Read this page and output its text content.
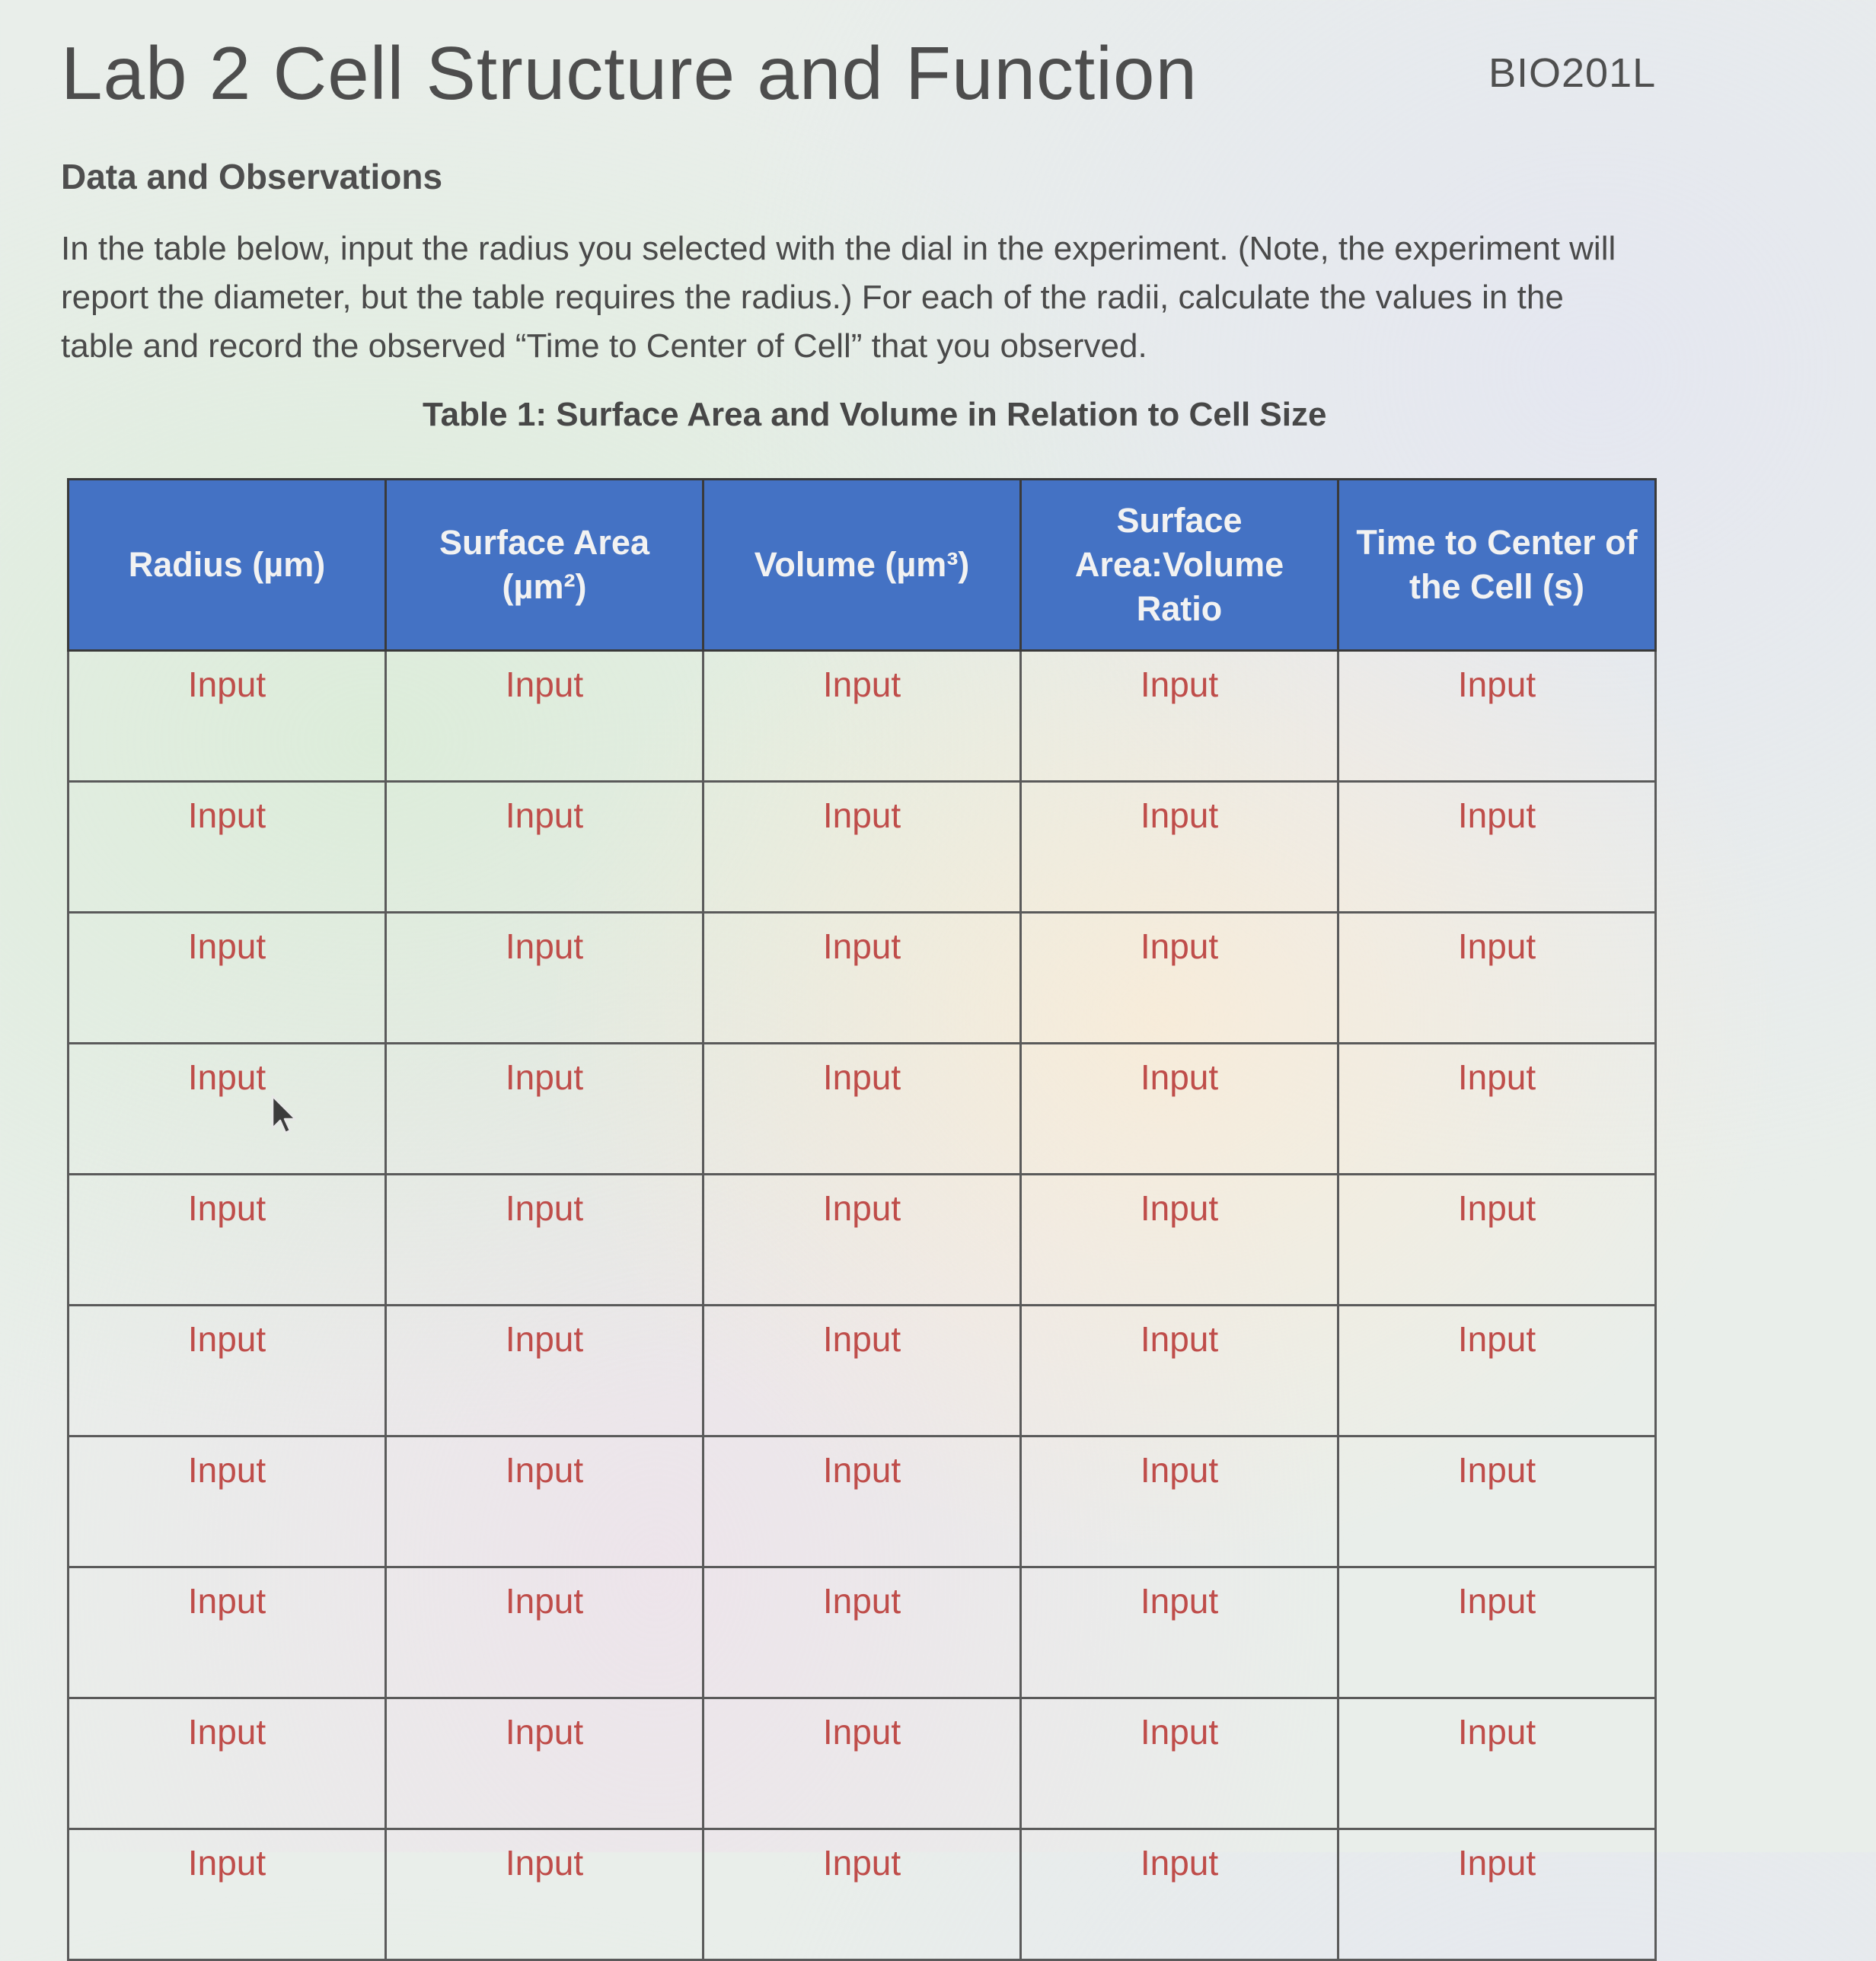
Lab 2 Cell Structure and Function	BIO201L
Data and Observations

In the table below, input the radius you selected with the dial in the experiment. (Note, the experiment will report the diameter, but the table requires the radius.) For each of the radii, calculate the values in the table and record the observed “Time to Center of Cell” that you observed.

Table 1: Surface Area and Volume in Relation to Cell Size
Radius (µm)	Surface Area (µm²)	Volume (µm³)	Surface Area:Volume Ratio	Time to Center of the Cell (s)
Input	Input	Input	Input	Input
Input	Input	Input	Input	Input
Input	Input	Input	Input	Input
Input	Input	Input	Input	Input
Input	Input	Input	Input	Input
Input	Input	Input	Input	Input
Input	Input	Input	Input	Input
Input	Input	Input	Input	Input
Input	Input	Input	Input	Input
Input	Input	Input	Input	Input
